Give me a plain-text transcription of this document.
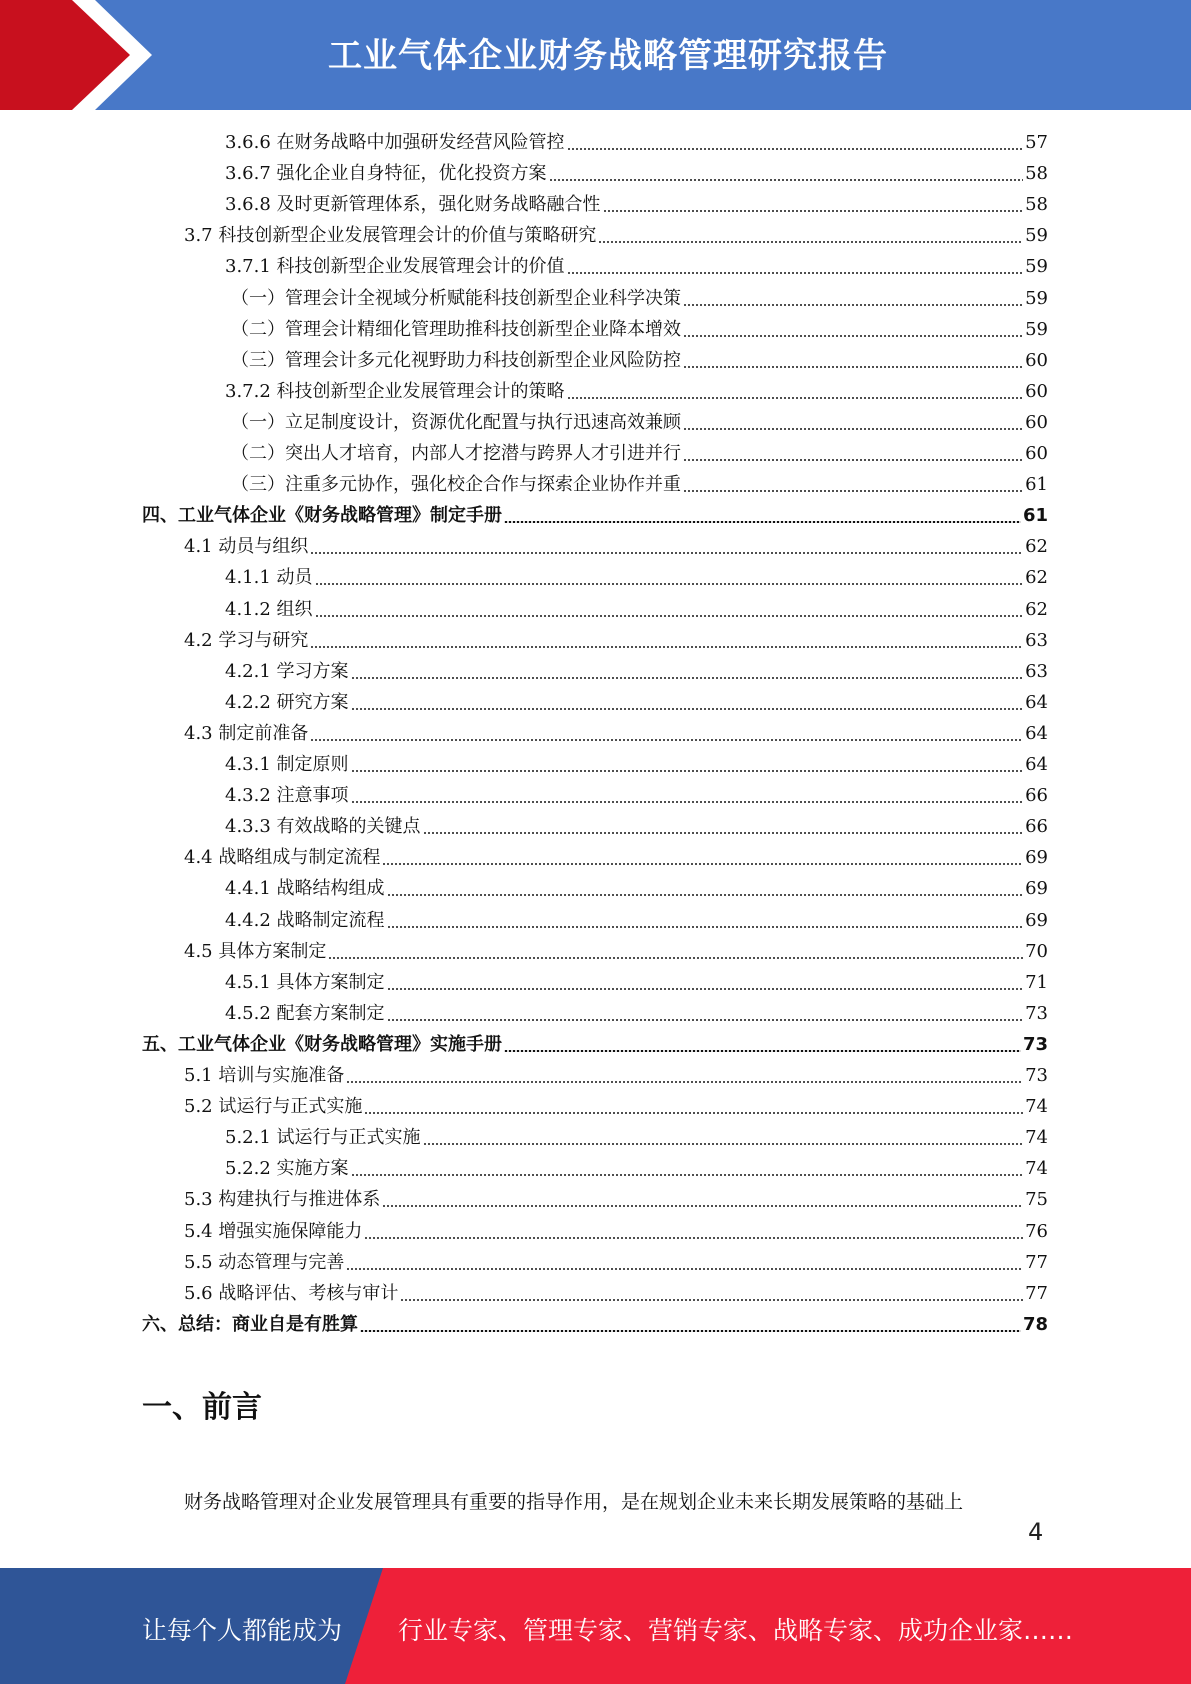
工业气体企业财务战略管理研究报告
3.6.6 在财务战略中加强研发经营风险管控	57
3.6.7 强化企业自身特征，优化投资方案	58
3.6.8 及时更新管理体系，强化财务战略融合性	58
3.7 科技创新型企业发展管理会计的价值与策略研究	59
3.7.1 科技创新型企业发展管理会计的价值	59
（一）管理会计全视域分析赋能科技创新型企业科学决策	59
（二）管理会计精细化管理助推科技创新型企业降本增效	59
（三）管理会计多元化视野助力科技创新型企业风险防控	60
3.7.2 科技创新型企业发展管理会计的策略	60
（一）立足制度设计，资源优化配置与执行迅速高效兼顾	60
（二）突出人才培育，内部人才挖潜与跨界人才引进并行	60
（三）注重多元协作，强化校企合作与探索企业协作并重	61
四、工业气体企业《财务战略管理》制定手册	61
4.1 动员与组织	62
4.1.1 动员	62
4.1.2 组织	62
4.2 学习与研究	63
4.2.1 学习方案	63
4.2.2 研究方案	64
4.3 制定前准备	64
4.3.1 制定原则	64
4.3.2 注意事项	66
4.3.3 有效战略的关键点	66
4.4 战略组成与制定流程	69
4.4.1 战略结构组成	69
4.4.2 战略制定流程	69
4.5 具体方案制定	70
4.5.1 具体方案制定	71
4.5.2 配套方案制定	73
五、工业气体企业《财务战略管理》实施手册	73
5.1 培训与实施准备	73
5.2 试运行与正式实施	74
5.2.1 试运行与正式实施	74
5.2.2 实施方案	74
5.3 构建执行与推进体系	75
5.4 增强实施保障能力	76
5.5 动态管理与完善	77
5.6 战略评估、考核与审计	77
六、总结：商业自是有胜算	78
一、前言
财务战略管理对企业发展管理具有重要的指导作用，是在规划企业未来长期发展策略的基础上
4
让每个人都能成为 行业专家、管理专家、营销专家、战略专家、成功企业家……
